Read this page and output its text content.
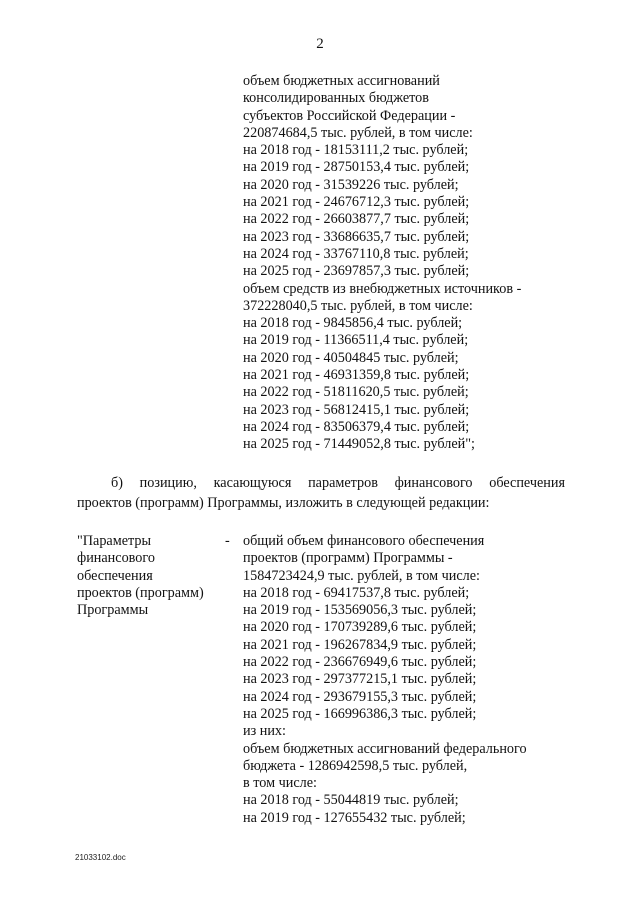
2
объем бюджетных ассигнований
консолидированных бюджетов
субъектов Российской Федерации -
220874684,5 тыс. рублей, в том числе:
на 2018 год - 18153111,2 тыс. рублей;
на 2019 год - 28750153,4 тыс. рублей;
на 2020 год - 31539226 тыс. рублей;
на 2021 год - 24676712,3 тыс. рублей;
на 2022 год - 26603877,7 тыс. рублей;
на 2023 год - 33686635,7 тыс. рублей;
на 2024 год - 33767110,8 тыс. рублей;
на 2025 год - 23697857,3 тыс. рублей;
объем средств из внебюджетных источников -
372228040,5 тыс. рублей, в том числе:
на 2018 год - 9845856,4 тыс. рублей;
на 2019 год - 11366511,4 тыс. рублей;
на 2020 год - 40504845 тыс. рублей;
на 2021 год - 46931359,8 тыс. рублей;
на 2022 год - 51811620,5 тыс. рублей;
на 2023 год - 56812415,1 тыс. рублей;
на 2024 год - 83506379,4 тыс. рублей;
на 2025 год - 71449052,8 тыс. рублей";
б) позицию, касающуюся параметров финансового обеспечения
проектов (программ) Программы, изложить в следующей редакции:
"Параметры
финансового
обеспечения
проектов (программ)
Программы
- общий объем финансового обеспечения
проектов (программ) Программы -
1584723424,9 тыс. рублей, в том числе:
на 2018 год - 69417537,8 тыс. рублей;
на 2019 год - 153569056,3 тыс. рублей;
на 2020 год - 170739289,6 тыс. рублей;
на 2021 год - 196267834,9 тыс. рублей;
на 2022 год - 236676949,6 тыс. рублей;
на 2023 год - 297377215,1 тыс. рублей;
на 2024 год - 293679155,3 тыс. рублей;
на 2025 год - 166996386,3 тыс. рублей;
из них:
объем бюджетных ассигнований федерального
бюджета - 1286942598,5 тыс. рублей,
в том числе:
на 2018 год - 55044819 тыс. рублей;
на 2019 год - 127655432 тыс. рублей;
21033102.doc
